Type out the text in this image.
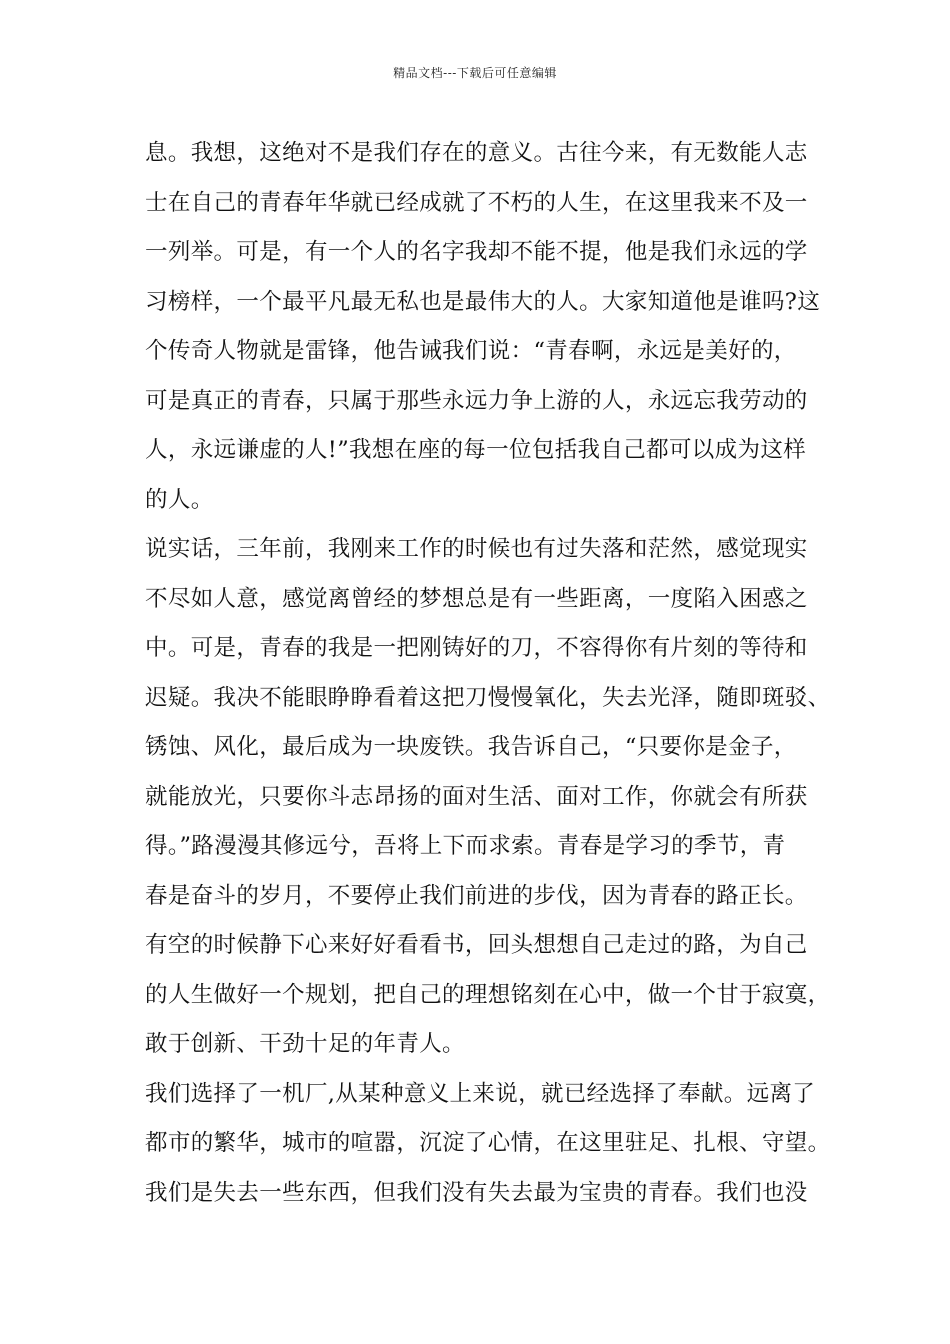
精品文档---下载后可任意编辑
息。我想，这绝对不是我们存在的意义。古往今来，有无数能人志
士在自己的青春年华就已经成就了不朽的人生，在这里我来不及一
一列举。可是，有一个人的名字我却不能不提，他是我们永远的学
习榜样，一个最平凡最无私也是最伟大的人。大家知道他是谁吗?这
个传奇人物就是雷锋，他告诫我们说：“青春啊，永远是美好的，
可是真正的青春，只属于那些永远力争上游的人，永远忘我劳动的
人，永远谦虚的人!”我想在座的每一位包括我自己都可以成为这样
的人。
说实话，三年前，我刚来工作的时候也有过失落和茫然，感觉现实
不尽如人意，感觉离曾经的梦想总是有一些距离，一度陷入困惑之
中。可是，青春的我是一把刚铸好的刀，不容得你有片刻的等待和
迟疑。我决不能眼睁睁看着这把刀慢慢氧化，失去光泽，随即斑驳、
锈蚀、风化，最后成为一块废铁。我告诉自己，“只要你是金子，
就能放光，只要你斗志昂扬的面对生活、面对工作，你就会有所获
得。”路漫漫其修远兮，吾将上下而求索。青春是学习的季节，青
春是奋斗的岁月，不要停止我们前进的步伐，因为青春的路正长。
有空的时候静下心来好好看看书，回头想想自己走过的路，为自己
的人生做好一个规划，把自己的理想铭刻在心中，做一个甘于寂寞，
敢于创新、干劲十足的年青人。
我们选择了一机厂,从某种意义上来说，就已经选择了奉献。远离了
都市的繁华，城市的喧嚣，沉淀了心情，在这里驻足、扎根、守望。
我们是失去一些东西，但我们没有失去最为宝贵的青春。我们也没
